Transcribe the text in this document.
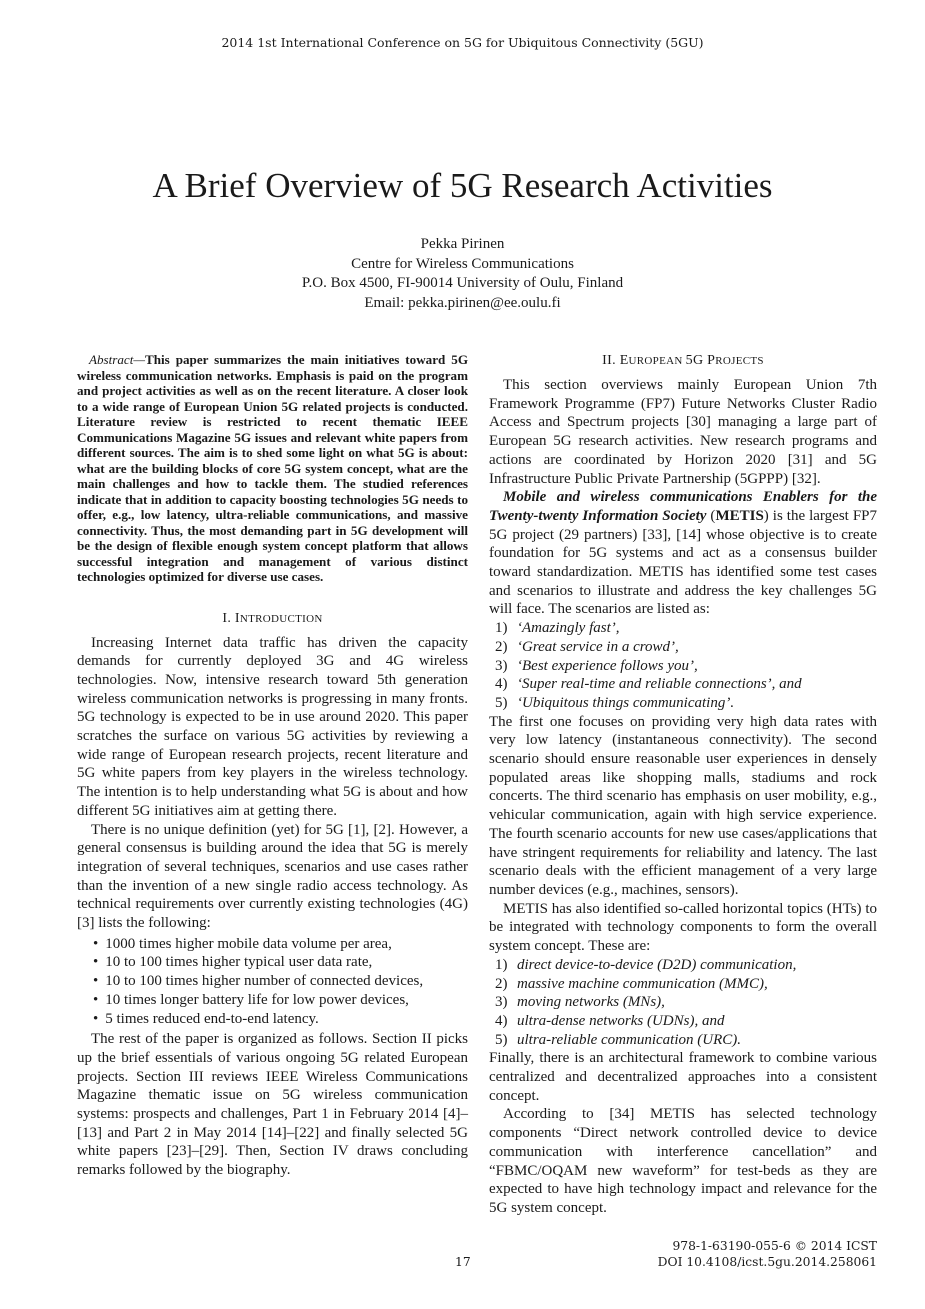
2014 1st International Conference on 5G for Ubiquitous Connectivity (5GU)
A Brief Overview of 5G Research Activities
Pekka Pirinen
Centre for Wireless Communications
P.O. Box 4500, FI-90014 University of Oulu, Finland
Email: pekka.pirinen@ee.oulu.fi
Abstract—This paper summarizes the main initiatives toward 5G wireless communication networks. Emphasis is paid on the program and project activities as well as on the recent literature. A closer look to a wide range of European Union 5G related projects is conducted. Literature review is restricted to recent thematic IEEE Communications Magazine 5G issues and relevant white papers from different sources. The aim is to shed some light on what 5G is about: what are the building blocks of core 5G system concept, what are the main challenges and how to tackle them. The studied references indicate that in addition to capacity boosting technologies 5G needs to offer, e.g., low latency, ultra-reliable communications, and massive connectivity. Thus, the most demanding part in 5G development will be the design of flexible enough system concept platform that allows successful integration and management of various distinct technologies optimized for diverse use cases.
I. INTRODUCTION

Increasing Internet data traffic has driven the capacity demands for currently deployed 3G and 4G wireless technologies. Now, intensive research toward 5th generation wireless communication networks is progressing in many fronts. 5G technology is expected to be in use around 2020. This paper scratches the surface on various 5G activities by reviewing a wide range of European research projects, recent literature and 5G white papers from key players in the wireless technology. The intention is to help understanding what 5G is about and how different 5G initiatives aim at getting there.

There is no unique definition (yet) for 5G [1], [2]. However, a general consensus is building around the idea that 5G is merely integration of several techniques, scenarios and use cases rather than the invention of a new single radio access technology. As technical requirements over currently existing technologies (4G) [3] lists the following:

• 1000 times higher mobile data volume per area,
• 10 to 100 times higher typical user data rate,
• 10 to 100 times higher number of connected devices,
• 10 times longer battery life for low power devices,
• 5 times reduced end-to-end latency.

The rest of the paper is organized as follows. Section II picks up the brief essentials of various ongoing 5G related European projects. Section III reviews IEEE Wireless Communications Magazine thematic issue on 5G wireless communication systems: prospects and challenges, Part 1 in February 2014 [4]–[13] and Part 2 in May 2014 [14]–[22] and finally selected 5G white papers [23]–[29]. Then, Section IV draws concluding remarks followed by the biography.

II. EUROPEAN 5G PROJECTS

This section overviews mainly European Union 7th Framework Programme (FP7) Future Networks Cluster Radio Access and Spectrum projects [30] managing a large part of European 5G research activities. New research programs and actions are coordinated by Horizon 2020 [31] and 5G Infrastructure Public Private Partnership (5GPPP) [32].

Mobile and wireless communications Enablers for the Twenty-twenty Information Society (METIS) is the largest FP7 5G project (29 partners) [33], [14] whose objective is to create foundation for 5G systems and act as a consensus builder toward standardization. METIS has identified some test cases and scenarios to illustrate and address the key challenges 5G will face. The scenarios are listed as:

1) ‘Amazingly fast’,
2) ‘Great service in a crowd’,
3) ‘Best experience follows you’,
4) ‘Super real-time and reliable connections’, and
5) ‘Ubiquitous things communicating’.

The first one focuses on providing very high data rates with very low latency (instantaneous connectivity). The second scenario should ensure reasonable user experiences in densely populated areas like shopping malls, stadiums and rock concerts. The third scenario has emphasis on user mobility, e.g., vehicular communication, again with high service experience. The fourth scenario accounts for new use cases/applications that have stringent requirements for reliability and latency. The last scenario deals with the efficient management of a very large number devices (e.g., machines, sensors).

METIS has also identified so-called horizontal topics (HTs) to be integrated with technology components to form the overall system concept. These are:

1) direct device-to-device (D2D) communication,
2) massive machine communication (MMC),
3) moving networks (MNs),
4) ultra-dense networks (UDNs), and
5) ultra-reliable communication (URC).

Finally, there is an architectural framework to combine various centralized and decentralized approaches into a consistent concept.

According to [34] METIS has selected technology components “Direct network controlled device to device communication with interference cancellation” and “FBMC/OQAM new waveform” for test-beds as they are expected to have high technology impact and relevance for the 5G system concept.

17
978-1-63190-055-6 © 2014 ICST
DOI 10.4108/icst.5gu.2014.258061
